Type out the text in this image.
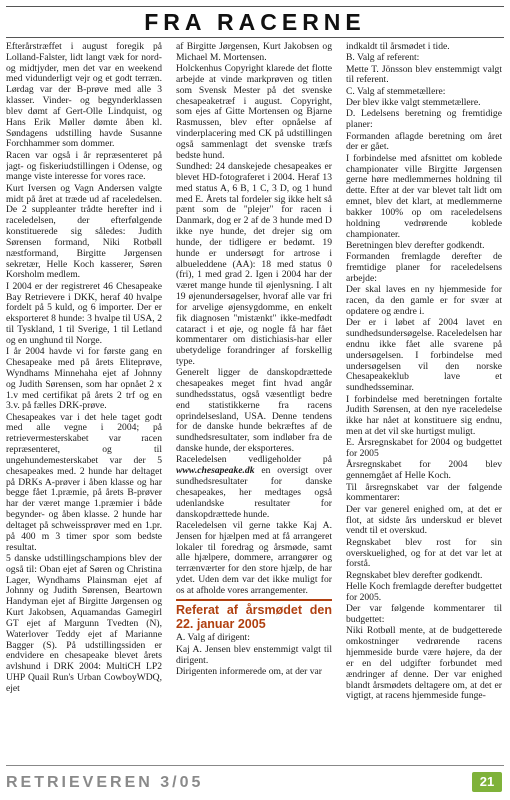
FRA RACERNE

Efterårstræffet i august foregik på Lolland-Falster, lidt langt væk for nord- og midtjyder, men det var en weekend med vidunderligt vejr og et godt terræn. Lørdag var der B-prøve med alle 3 klasser. Vinder- og begynderklassen blev dømt af Gert-Olle Lindquist, og Hans Erik Møller dømte åben kl. Søndagens udstilling havde Susanne Forchhammer som dommer.

Racen var også i år repræsenteret på jagt- og fiskeriudstillingen i Odense, og mange viste interesse for vores race.

Kurt Iversen og Vagn Andersen valgte midt på året at træde ud af raceledelsen. De 2 suppleanter trådte herefter ind i raceledelsen, der efterfølgende konstituerede sig således: Judith Sørensen formand, Niki Rotbøll næstformand, Birgitte Jørgensen sekretær, Helle Koch kasserer, Søren Korsholm medlem.

I 2004 er der registreret 46 Chesapeake Bay Retrievere i DKK, heraf 40 hvalpe fordelt på 5 kuld, og 6 importer. Der er eksporteret 8 hunde: 3 hvalpe til USA, 2 til Tyskland, 1 til Sverige, 1 til Letland og en unghund til Norge.

I år 2004 havde vi for første gang en Chesapeake med på årets Eliteprøve, Wyndhams Minnehaha ejet af Johnny og Judith Sørensen, som har opnået 2 x 1.v med certifikat på årets 2 trf og en 3.v. på fælles DRK-prøve.

Chesapeakes var i det hele taget godt med alle vegne i 2004; på retrievermesterskabet var racen repræsenteret, og til ungehundemesterskabet var der 5 chesapeakes med. 2 hunde har deltaget på DRKs A-prøver i åben klasse og har begge fået 1.præmie, på årets B-prøver har der været mange 1.præmier i både begynder- og åben klasse. 2 hunde har deltaget på schweissprøver med en 1.pr. på 400 m 3 timer spor som bedste resultat.

5 danske udstillingschampions blev der også til: Oban ejet af Søren og Christina Lager, Wyndhams Plainsman ejet af Johnny og Judith Sørensen, Beartown Handyman ejet af Birgitte Jørgensen og Kurt Jakobsen, Aquamandas Gamegirl GT ejet af Margunn Tvedten (N), Waterlover Teddy ejet af Marianne Bagger (S). På udstillingssiden er endvidere en chesapeake blevet årets avlshund i DRK 2004: MultiCH LP2 UHP Quail Run's Urban CowboyWDQ, ejet

af Birgitte Jørgensen, Kurt Jakobsen og Michael M. Mortensen.

Holckenhus Copyright klarede det flotte arbejde at vinde markprøven og titlen som Svensk Mester på det svenske chesapeaketræf i august. Copyright, som ejes af Gitte Mortensen og Bjarne Rasmussen, blev efter opnåelse af vinderplacering med CK på udstillingen også sammenlagt det svenske træfs bedste hund.

Sundhed: 24 danskejede chesapeakes er blevet HD-fotograferet i 2004. Heraf 13 med status A, 6 B, 1 C, 3 D, og 1 hund med E. Årets tal fordeler sig ikke helt så pænt som de "plejer" for racen i Danmark, dog er 2 af de 3 hunde med D ikke nye hunde, det drejer sig om hunde, der tidligere er bedømt. 19 hunde er undersøgt for artrose i albueleddene (AA): 18 med status 0 (fri), 1 med grad 2. Igen i 2004 har der været mange hunde til øjenlysning. I alt 19 øjenundersøgelser, hvoraf alle var fri for arvelige øjensygdomme, en enkelt fik diagnosen "mistænkt" ikke-medfødt cataract i et øje, og nogle få har fået kommentarer om distichiasis-har eller ubetydelige forandringer af forskellig type.

Generelt ligger de danskopdrættede chesapeakes meget fint hvad angår sundhedsstatus, også væsentligt bedre end statistikkerne fra racens oprindelsesland, USA. Denne tendens for de danske hunde bekræftes af de sundhedsresultater, som indløber fra de danske hunde, der eksporteres.

Raceledelsen vedligeholder på www.chesapeake.dk en oversigt over sundhedsresultater for danske chesapeakes, her medtages også udenlandske resultater for danskopdrættede hunde.

Raceledelsen vil gerne takke Kaj A. Jensen for hjælpen med at få arrangeret lokaler til foredrag og årsmøde, samt alle hjælpere, dommere, arrangører og terrænværter for den store hjælp, de har ydet. Uden dem var det ikke muligt for os at afholde vores arrangementer.

Referat af årsmødet den 22. januar 2005

A. Valg af dirigent:

Kaj A. Jensen blev enstemmigt valgt til dirigent.

Dirigenten informerede om, at der var

indkaldt til årsmødet i tide.

B. Valg af referent:

Mette T. Jönsson blev enstemmigt valgt til referent.

C. Valg af stemmetællere:

Der blev ikke valgt stemmetællere.

D. Ledelsens beretning og fremtidige planer:

Formanden aflagde beretning om året der er gået.

I forbindelse med afsnittet om koblede championater ville Birgitte Jørgensen gerne høre medlemmernes holdning til dette. Efter at der var blevet talt lidt om emnet, blev det klart, at medlemmerne bakker 100% op om raceledelsens holdning vedrørende koblede championater.

Beretningen blev derefter godkendt.

Formanden fremlagde derefter de fremtidige planer for raceledelsens arbejde:

Der skal laves en ny hjemmeside for racen, da den gamle er for svær at opdatere og ændre i.

Der er i løbet af 2004 lavet en sundhedsundersøgelse. Raceledelsen har endnu ikke fået alle svarene på undersøgelsen. I forbindelse med undersøgelsen vil den norske Chesapeakeklub lave et sundhedsseminar.

I forbindelse med beretningen fortalte Judith Sørensen, at den nye raceledelse ikke har nået at konstituere sig endnu, men at det vil ske hurtigst muligt.

E. Årsregnskabet for 2004 og budgettet for 2005

Årsregnskabet for 2004 blev gennemgået af Helle Koch.

Til årsregnskabet var der følgende kommentarer:

Der var generel enighed om, at det er flot, at sidste års underskud er blevet vendt til et overskud.

Regnskabet blev rost for sin overskuelighed, og for at det var let at forstå.

Regnskabet blev derefter godkendt.

Helle Koch fremlagde derefter budgettet for 2005.

Der var følgende kommentarer til budgettet:

Niki Rotbøll mente, at de budgetterede omkostninger vedrørende racens hjemmeside burde være højere, da der er en del udgifter forbundet med ændringer af denne. Der var enighed blandt årsmødets deltagere om, at det er vigtigt, at racens hjemmeside funge-

RETRIEVEREN 3/05	21
